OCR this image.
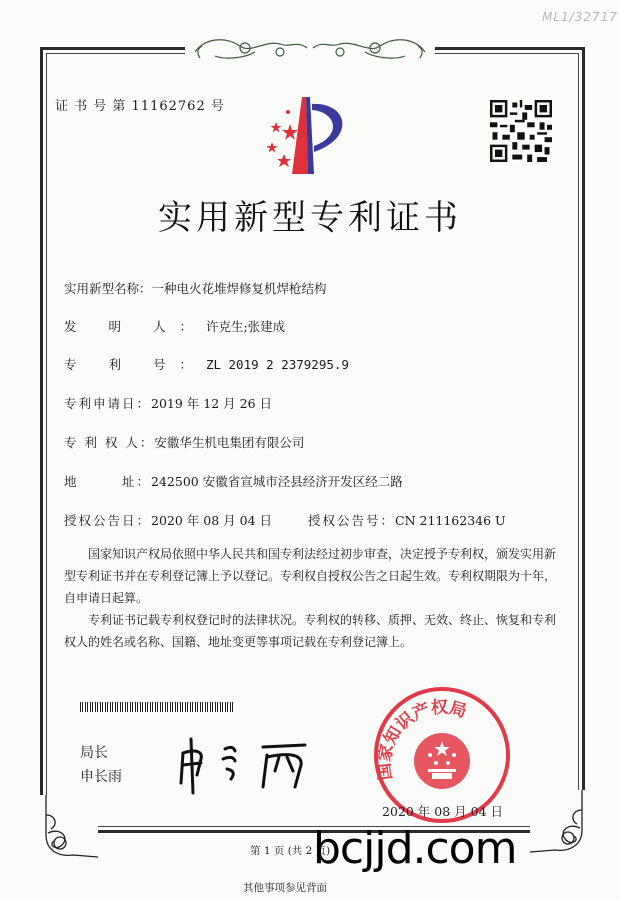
ML1/32717
证 书 号 第 11162762 号
实用新型专利证书
实用新型名称：一种电火花堆焊修复机焊枪结构
发 明 人：许克生;张建成
专 利 号：ZL 2019 2 2379295.9
专利申请日：2019 年 12 月 26 日
专 利 权 人：安徽华生机电集团有限公司
地　　　址：242500 安徽省宣城市泾县经济开发区经二路
授权公告日：2020 年 08 月 04 日	授权公告号：CN 211162346 U

国家知识产权局依照中华人民共和国专利法经过初步审查，决定授予专利权，颁发实用新型专利证书并在专利登记簿上予以登记。专利权自授权公告之日起生效。专利权期限为十年，自申请日起算。

专利证书记载专利权登记时的法律状况。专利权的转移、质押、无效、终止、恢复和专利权人的姓名或名称、国籍、地址变更等事项记载在专利登记簿上。

局长
申长雨	国家知识产权局
2020 年 08 月 04 日
第 1 页 (共 2 页)
bcjjd.com
其他事项参见背面
